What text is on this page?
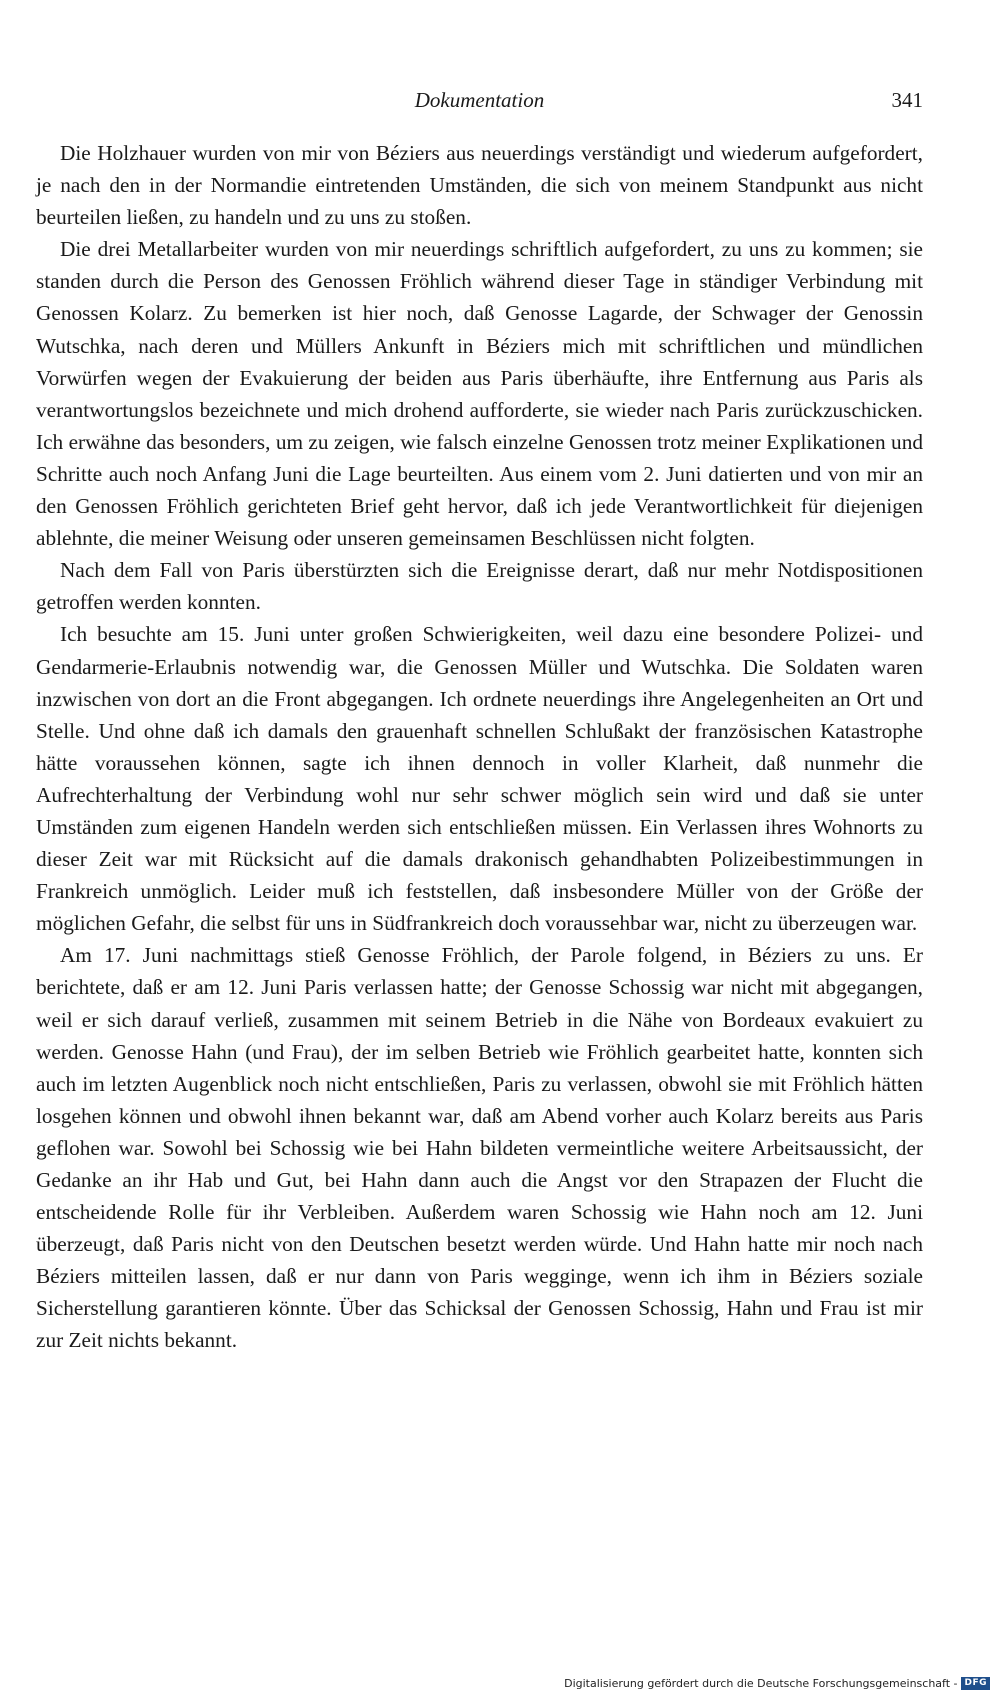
Dokumentation	341

Die Holzhauer wurden von mir von Béziers aus neuerdings verständigt und wiederum aufgefordert, je nach den in der Normandie eintretenden Umständen, die sich von meinem Standpunkt aus nicht beurteilen ließen, zu handeln und zu uns zu stoßen.

Die drei Metallarbeiter wurden von mir neuerdings schriftlich aufgefordert, zu uns zu kommen; sie standen durch die Person des Genossen Fröhlich während dieser Tage in ständiger Verbindung mit Genossen Kolarz. Zu bemerken ist hier noch, daß Genosse Lagarde, der Schwager der Genossin Wutschka, nach deren und Müllers Ankunft in Béziers mich mit schriftlichen und mündlichen Vorwürfen wegen der Evakuierung der beiden aus Paris überhäufte, ihre Entfernung aus Paris als verantwortungslos bezeichnete und mich drohend aufforderte, sie wieder nach Paris zurückzuschicken. Ich erwähne das besonders, um zu zeigen, wie falsch einzelne Genossen trotz meiner Explikationen und Schritte auch noch Anfang Juni die Lage beurteilten. Aus einem vom 2. Juni datierten und von mir an den Genossen Fröhlich gerichteten Brief geht hervor, daß ich jede Verantwortlichkeit für diejenigen ablehnte, die meiner Weisung oder unseren gemeinsamen Beschlüssen nicht folgten.

Nach dem Fall von Paris überstürzten sich die Ereignisse derart, daß nur mehr Notdispositionen getroffen werden konnten.

Ich besuchte am 15. Juni unter großen Schwierigkeiten, weil dazu eine besondere Polizei- und Gendarmerie-Erlaubnis notwendig war, die Genossen Müller und Wutschka. Die Soldaten waren inzwischen von dort an die Front abgegangen. Ich ordnete neuerdings ihre Angelegenheiten an Ort und Stelle. Und ohne daß ich damals den grauenhaft schnellen Schlußakt der französischen Katastrophe hätte voraussehen können, sagte ich ihnen dennoch in voller Klarheit, daß nunmehr die Aufrechterhaltung der Verbindung wohl nur sehr schwer möglich sein wird und daß sie unter Umständen zum eigenen Handeln werden sich entschließen müssen. Ein Verlassen ihres Wohnorts zu dieser Zeit war mit Rücksicht auf die damals drakonisch gehandhabten Polizeibestimmungen in Frankreich unmöglich. Leider muß ich feststellen, daß insbesondere Müller von der Größe der möglichen Gefahr, die selbst für uns in Südfrankreich doch voraussehbar war, nicht zu überzeugen war.

Am 17. Juni nachmittags stieß Genosse Fröhlich, der Parole folgend, in Béziers zu uns. Er berichtete, daß er am 12. Juni Paris verlassen hatte; der Genosse Schossig war nicht mit abgegangen, weil er sich darauf verließ, zusammen mit seinem Betrieb in die Nähe von Bordeaux evakuiert zu werden. Genosse Hahn (und Frau), der im selben Betrieb wie Fröhlich gearbeitet hatte, konnten sich auch im letzten Augenblick noch nicht entschließen, Paris zu verlassen, obwohl sie mit Fröhlich hätten losgehen können und obwohl ihnen bekannt war, daß am Abend vorher auch Kolarz bereits aus Paris geflohen war. Sowohl bei Schossig wie bei Hahn bildeten vermeintliche weitere Arbeitsaussicht, der Gedanke an ihr Hab und Gut, bei Hahn dann auch die Angst vor den Strapazen der Flucht die entscheidende Rolle für ihr Verbleiben. Außerdem waren Schossig wie Hahn noch am 12. Juni überzeugt, daß Paris nicht von den Deutschen besetzt werden würde. Und Hahn hatte mir noch nach Béziers mitteilen lassen, daß er nur dann von Paris wegginge, wenn ich ihm in Béziers soziale Sicherstellung garantieren könnte. Über das Schicksal der Genossen Schossig, Hahn und Frau ist mir zur Zeit nichts bekannt.

Digitalisierung gefördert durch die Deutsche Forschungsgemeinschaft - DFG
